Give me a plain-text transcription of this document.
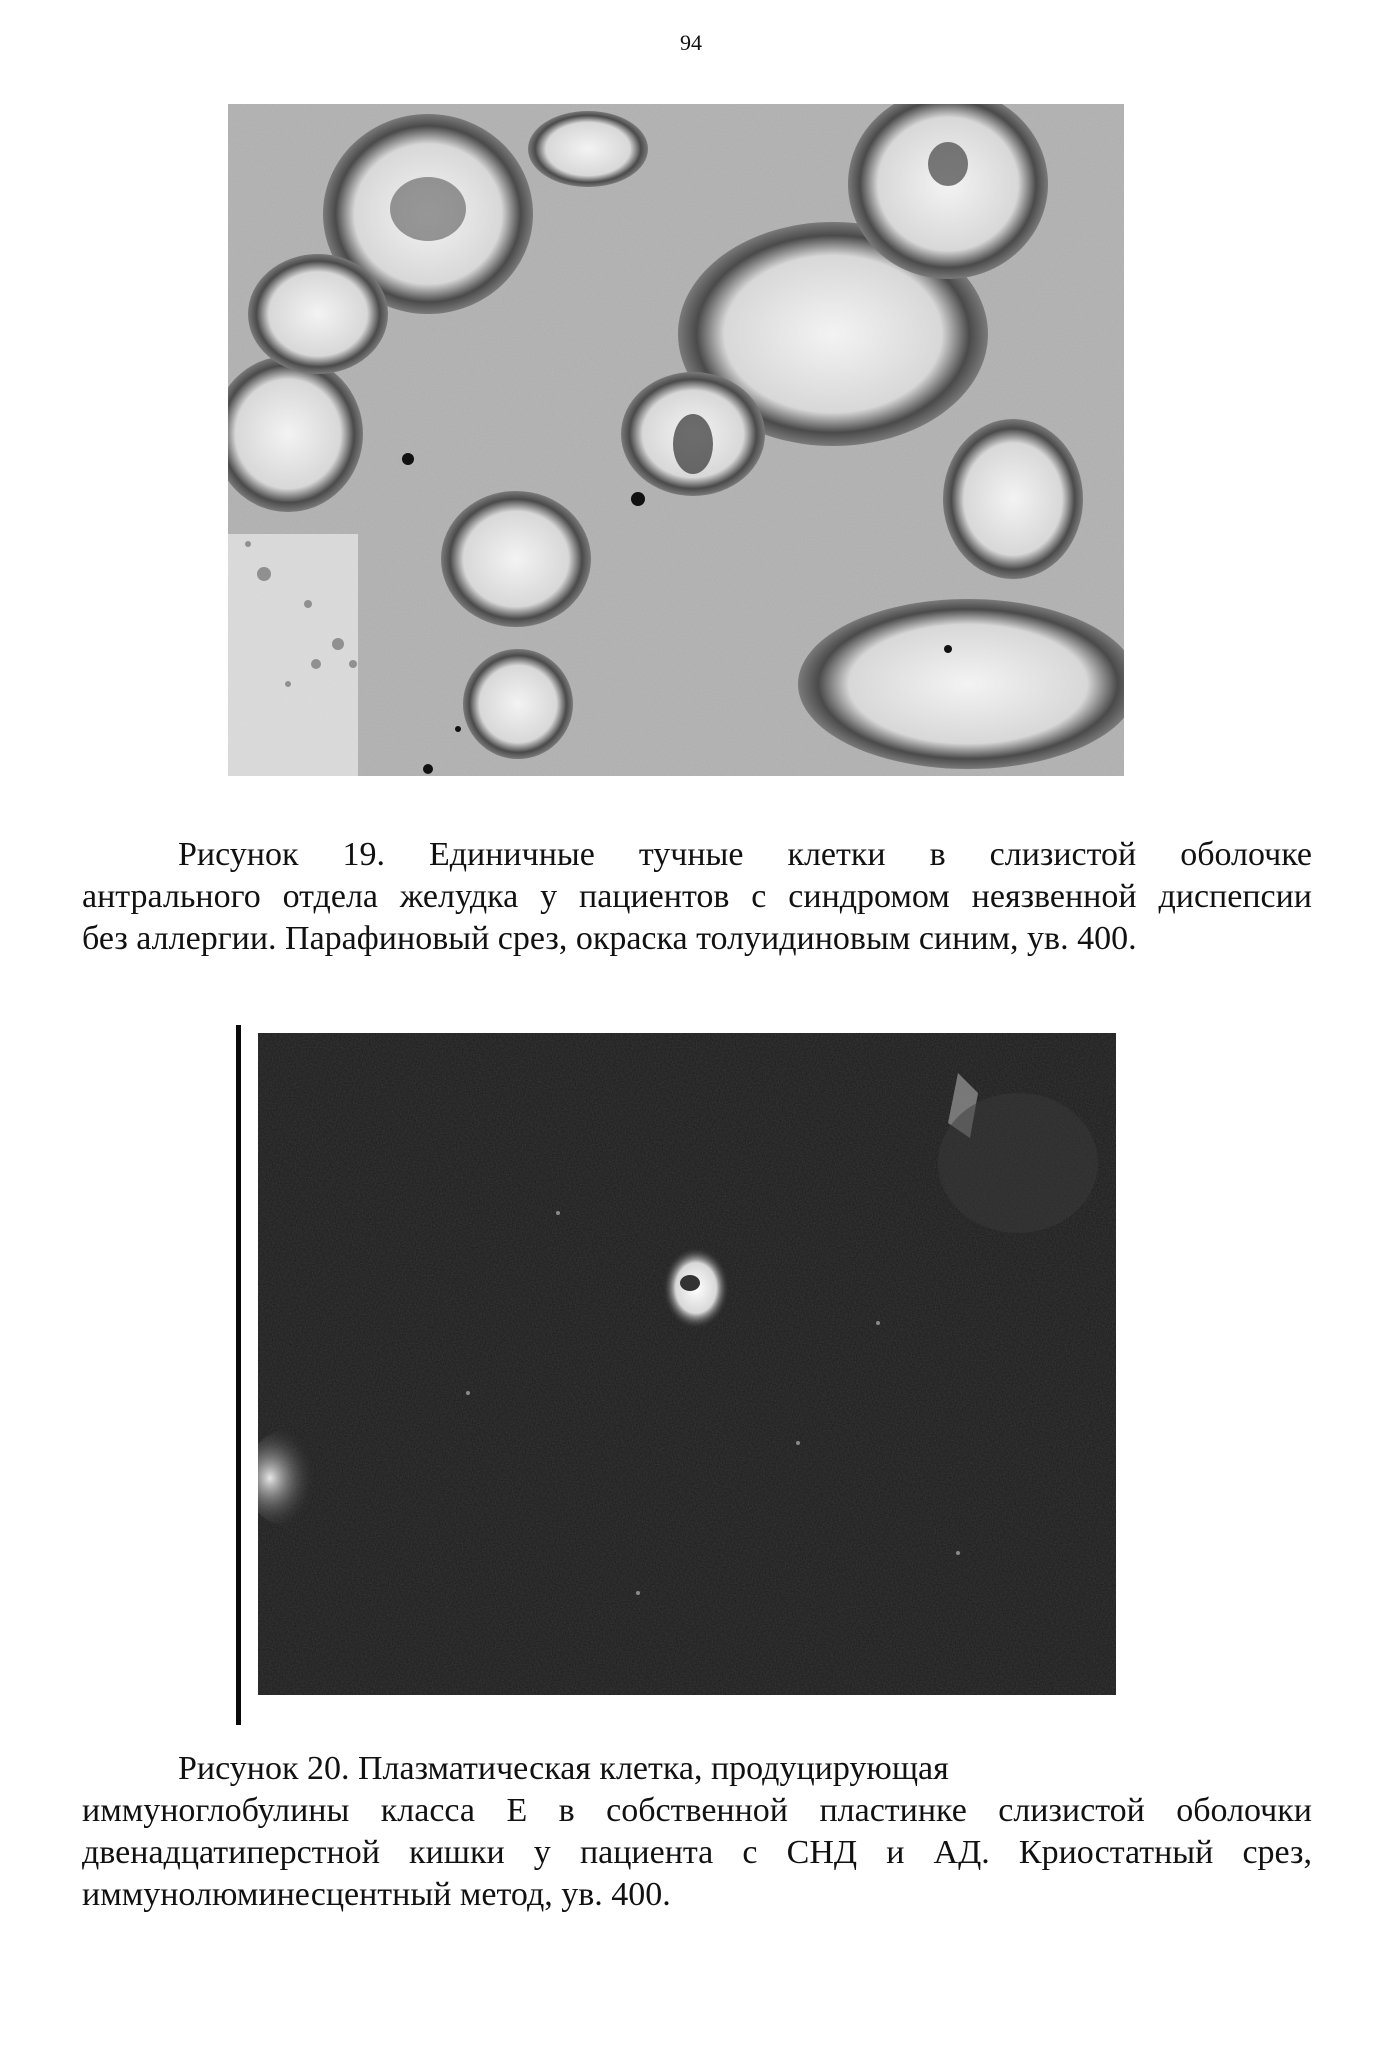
94
Рисунок 19. Единичные тучные клетки в слизистой оболочке
антрального отдела желудка у пациентов с синдромом неязвенной диспепсии
без аллергии. Парафиновый срез, окраска толуидиновым синим, ув. 400.
Рисунок 20. Плазматическая клетка, продуцирующая
иммуноглобулины класса Е в собственной пластинке слизистой оболочки
двенадцатиперстной кишки у пациента с СНД и АД. Криостатный срез,
иммунолюминесцентный метод, ув. 400.
